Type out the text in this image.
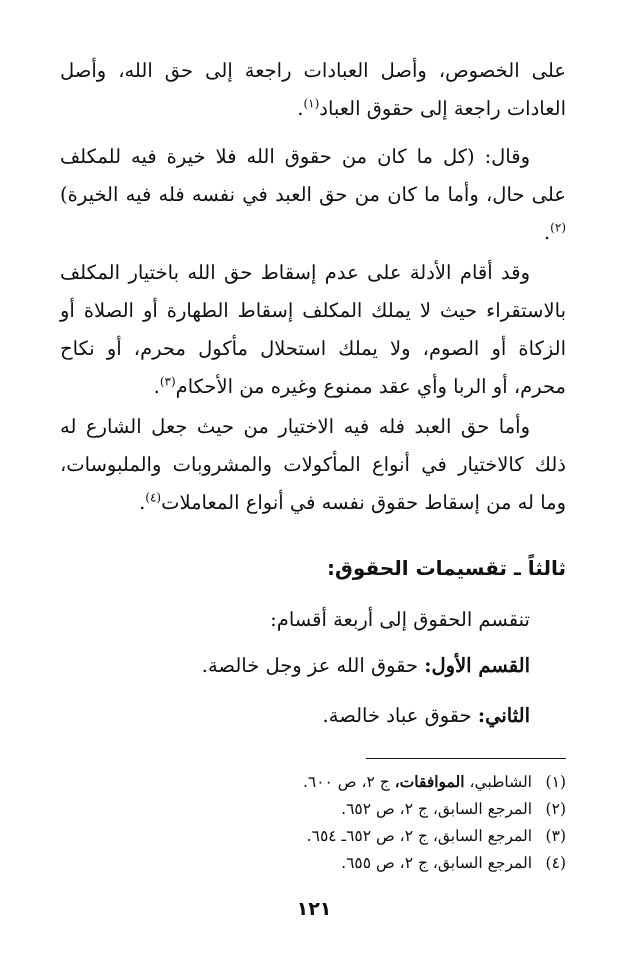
على الخصوص، وأصل العبادات راجعة إلى حق الله، وأصل العادات راجعة إلى حقوق العباد$^{(١)}$.

وقال: (كل ما كان من حقوق الله فلا خيرة فيه للمكلف على حال، وأما ما كان من حق العبد في نفسه فله فيه الخيرة)$^{(٢)}$.

وقد أقام الأدلة على عدم إسقاط حق الله باختيار المكلف بالاستقراء حيث لا يملك المكلف إسقاط الطهارة أو الصلاة أو الزكاة أو الصوم، ولا يملك استحلال مأكول محرم، أو نكاح محرم، أو الربا وأي عقد ممنوع وغيره من الأحكام$^{(٣)}$.

وأما حق العبد فله فيه الاختيار من حيث جعل الشارع له ذلك كالاختيار في أنواع المأكولات والمشروبات والملبوسات، وما له من إسقاط حقوق نفسه في أنواع المعاملات$^{(٤)}$.

ثالثاً ـ تقسيمات الحقوق:

تنقسم الحقوق إلى أربعة أقسام:

القسم الأول: حقوق الله عز وجل خالصة.

الثاني: حقوق عباد خالصة.

(١)الشاطبي، الموافقات، ج ٢، ص ٦٠٠.
(٢)المرجع السابق، ج ٢، ص ٦٥٢.
(٣)المرجع السابق، ج ٢، ص ٦٥٢ـ ٦٥٤.
(٤)المرجع السابق، ج ٢، ص ٦٥٥.
١٢١
